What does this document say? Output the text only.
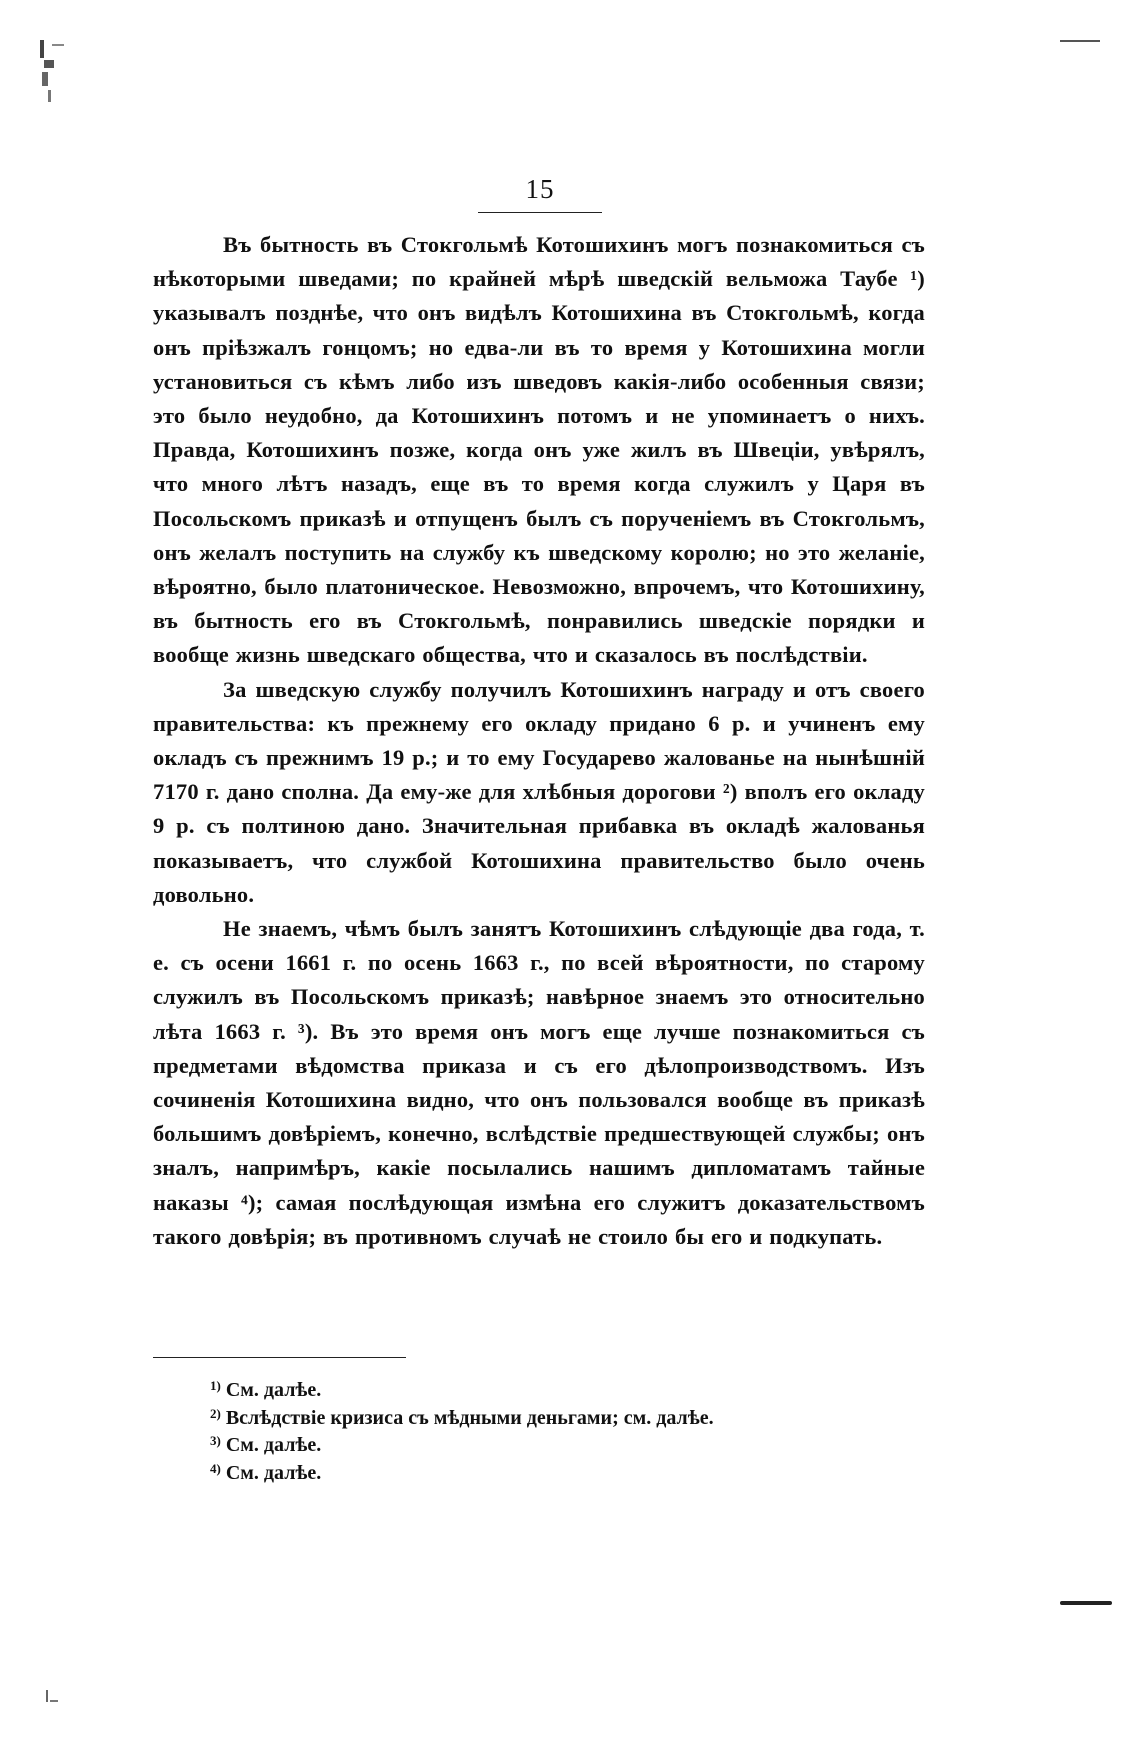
15

Въ бытность въ Стокгольмѣ Котошихинъ могъ познакомиться съ нѣкоторыми шведами; по крайней мѣрѣ шведскій вельможа Таубе ¹) указывалъ позднѣе, что онъ видѣлъ Котошихина въ Стокгольмѣ, когда онъ пріѣзжалъ гонцомъ; но едва-ли въ то время у Котошихина могли установиться съ кѣмъ либо изъ шведовъ какія-либо особенныя связи; это было неудобно, да Котошихинъ потомъ и не упоминаетъ о нихъ. Правда, Котошихинъ позже, когда онъ уже жилъ въ Швеціи, увѣрялъ, что много лѣтъ назадъ, еще въ то время когда служилъ у Царя въ Посольскомъ приказѣ и отпущенъ былъ съ порученіемъ въ Стокгольмъ, онъ желалъ поступить на службу къ шведскому королю; но это желаніе, вѣроятно, было платоническое. Невозможно, впрочемъ, что Котошихину, въ бытность его въ Стокгольмѣ, понравились шведскіе порядки и вообще жизнь шведскаго общества, что и сказалось въ послѣдствіи.

За шведскую службу получилъ Котошихинъ награду и отъ своего правительства: къ прежнему его окладу придано 6 р. и учиненъ ему окладъ съ прежнимъ 19 р.; и то ему Государево жалованье на нынѣшній 7170 г. дано сполна. Да ему-же для хлѣбныя дорогови ²) вполъ его окладу 9 р. съ полтиною дано. Значительная прибавка въ окладѣ жалованья показываетъ, что службой Котошихина правительство было очень довольно.

Не знаемъ, чѣмъ былъ занятъ Котошихинъ слѣдующіе два года, т. е. съ осени 1661 г. по осень 1663 г., по всей вѣроятности, по старому служилъ въ Посольскомъ приказѣ; навѣрное знаемъ это относительно лѣта 1663 г. ³). Въ это время онъ могъ еще лучше познакомиться съ предметами вѣдомства приказа и съ его дѣлопроизводствомъ. Изъ сочиненія Котошихина видно, что онъ пользовался вообще въ приказѣ большимъ довѣріемъ, конечно, вслѣдствіе предшествующей службы; онъ зналъ, напримѣръ, какіе посылались нашимъ дипломатамъ тайные наказы ⁴); самая послѣдующая измѣна его служитъ доказательствомъ такого довѣрія; въ противномъ случаѣ не стоило бы его и подкупать.

$^{1)}$ См. далѣе.
$^{2)}$ Вслѣдствіе кризиса съ мѣдными деньгами; см. далѣе.
$^{3)}$ См. далѣе.
$^{4)}$ См. далѣе.
